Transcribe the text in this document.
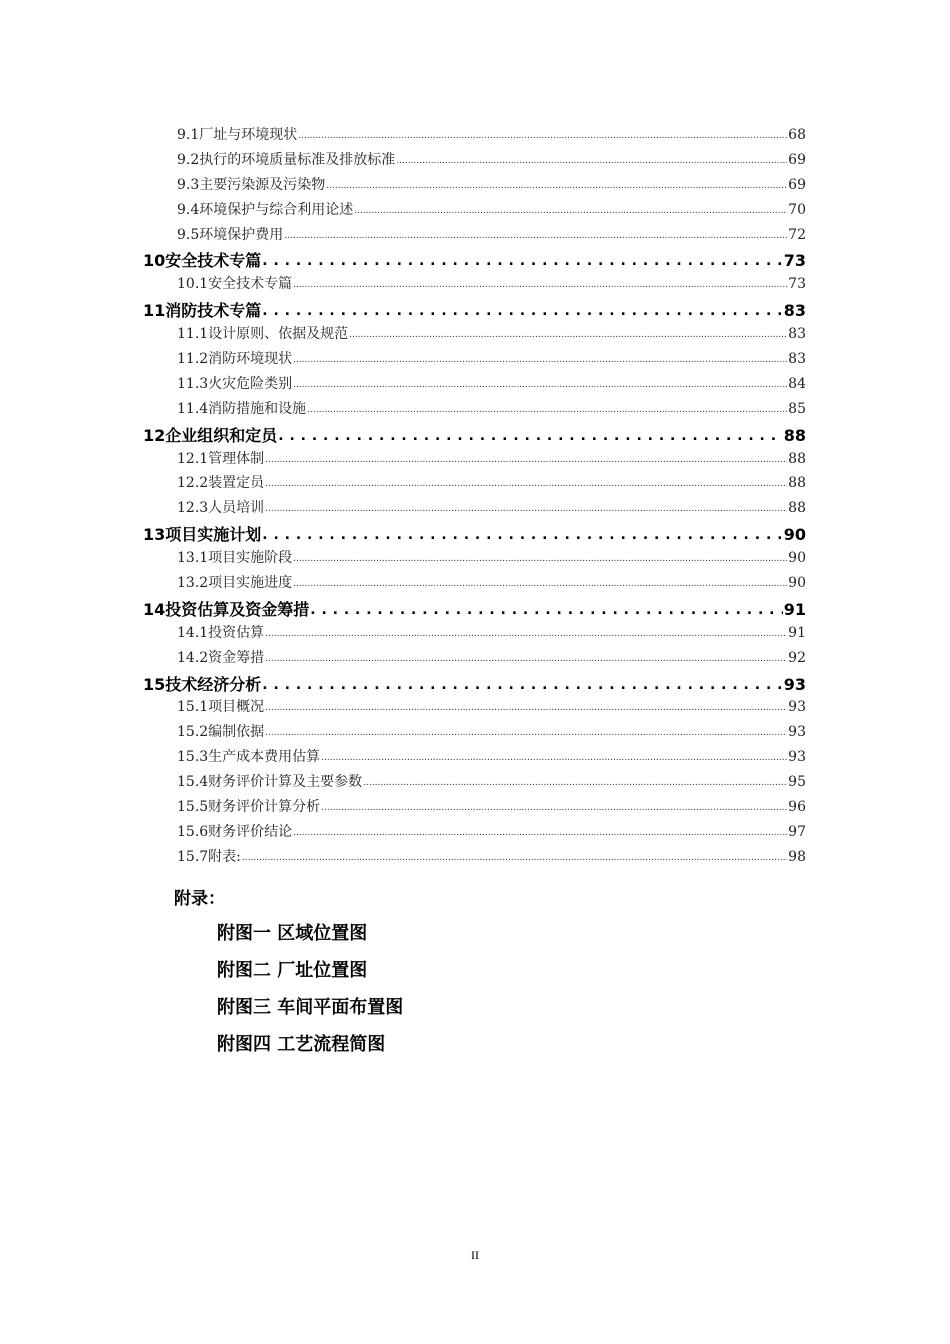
9.1厂址与环境现状 .....	68
9.2执行的环境质量标准及排放标准 .....	69
9.3主要污染源及污染物 .....	69
9.4环境保护与综合利用论述 .....	70
9.5环境保护费用 .....	72
10安全技术专篇 . . .	73
10.1安全技术专篇 .....	73
11消防技术专篇 . . .	83
11.1设计原则、依据及规范 .....	83
11.2消防环境现状 .....	83
11.3火灾危险类别 .....	84
11.4消防措施和设施 .....	85
12企业组织和定员 . . .	88
12.1管理体制 .....	88
12.2装置定员 .....	88
12.3人员培训 .....	88
13项目实施计划 . . .	90
13.1项目实施阶段 .....	90
13.2项目实施进度 .....	90
14投资估算及资金筹措 . . .	91
14.1投资估算 .....	91
14.2资金筹措 .....	92
15技术经济分析 . . .	93
15.1项目概况 .....	93
15.2编制依据 .....	93
15.3生产成本费用估算 .....	93
15.4财务评价计算及主要参数 .....	95
15.5财务评价计算分析 .....	96
15.6财务评价结论 .....	97
15.7附表: .....	98
附录：
附图一 区域位置图
附图二 厂址位置图
附图三 车间平面布置图
附图四 工艺流程简图
II
